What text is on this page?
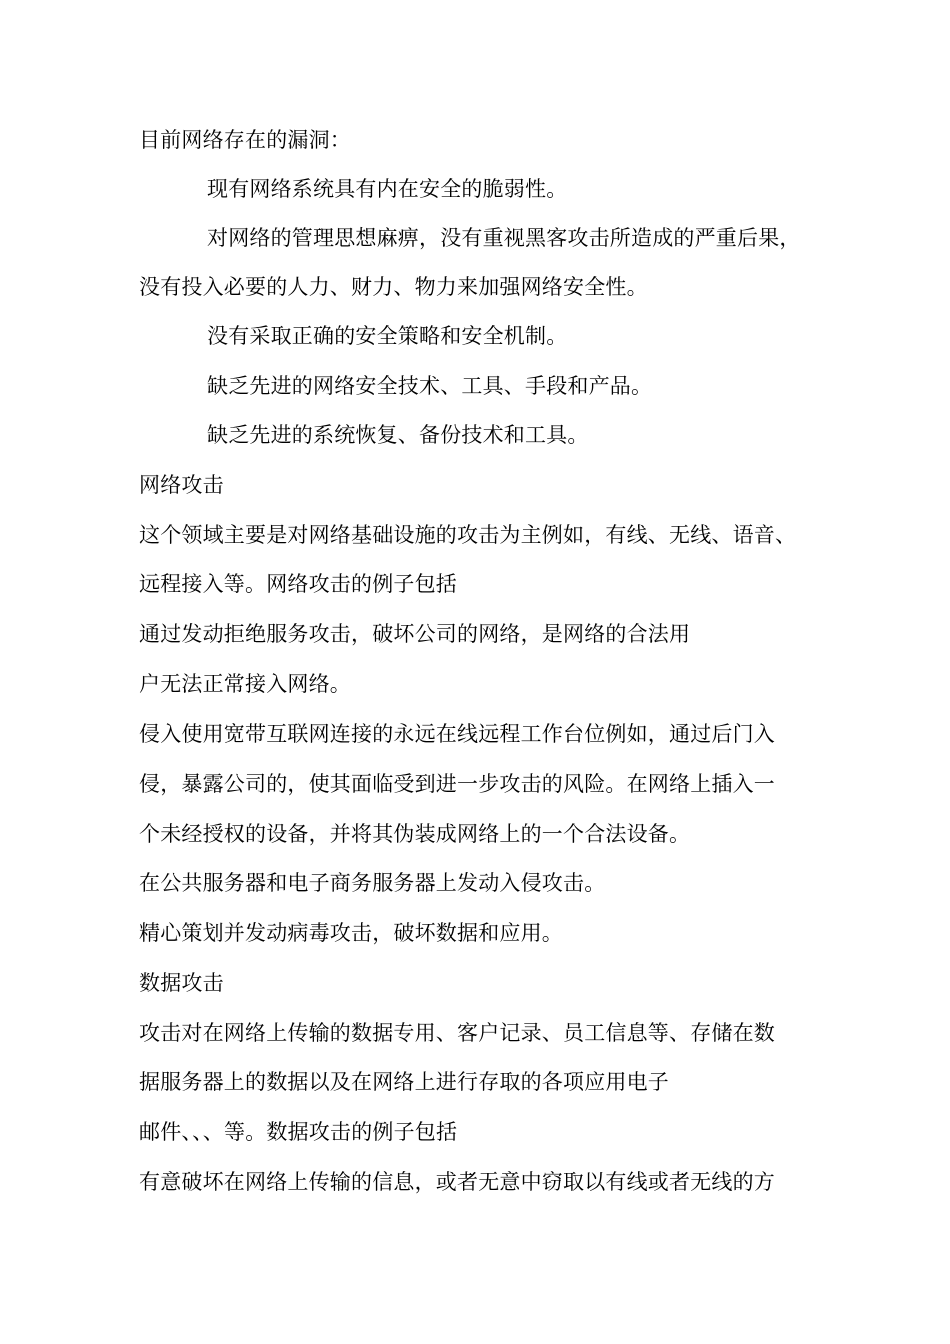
目前网络存在的漏洞：
现有网络系统具有内在安全的脆弱性。
对网络的管理思想麻痹，没有重视黑客攻击所造成的严重后果，
没有投入必要的人力、财力、物力来加强网络安全性。
没有采取正确的安全策略和安全机制。
缺乏先进的网络安全技术、工具、手段和产品。
缺乏先进的系统恢复、备份技术和工具。
网络攻击
这个领域主要是对网络基础设施的攻击为主例如，有线、无线、语音、
远程接入等。网络攻击的例子包括
通过发动拒绝服务攻击，破坏公司的网络，是网络的合法用
户无法正常接入网络。
侵入使用宽带互联网连接的永远在线远程工作台位例如，通过后门入
侵，暴露公司的，使其面临受到进一步攻击的风险。在网络上插入一
个未经授权的设备，并将其伪装成网络上的一个合法设备。
在公共服务器和电子商务服务器上发动入侵攻击。
精心策划并发动病毒攻击，破坏数据和应用。
数据攻击
攻击对在网络上传输的数据专用、客户记录、员工信息等、存储在数
据服务器上的数据以及在网络上进行存取的各项应用电子
邮件、、、等。数据攻击的例子包括
有意破坏在网络上传输的信息，或者无意中窃取以有线或者无线的方
